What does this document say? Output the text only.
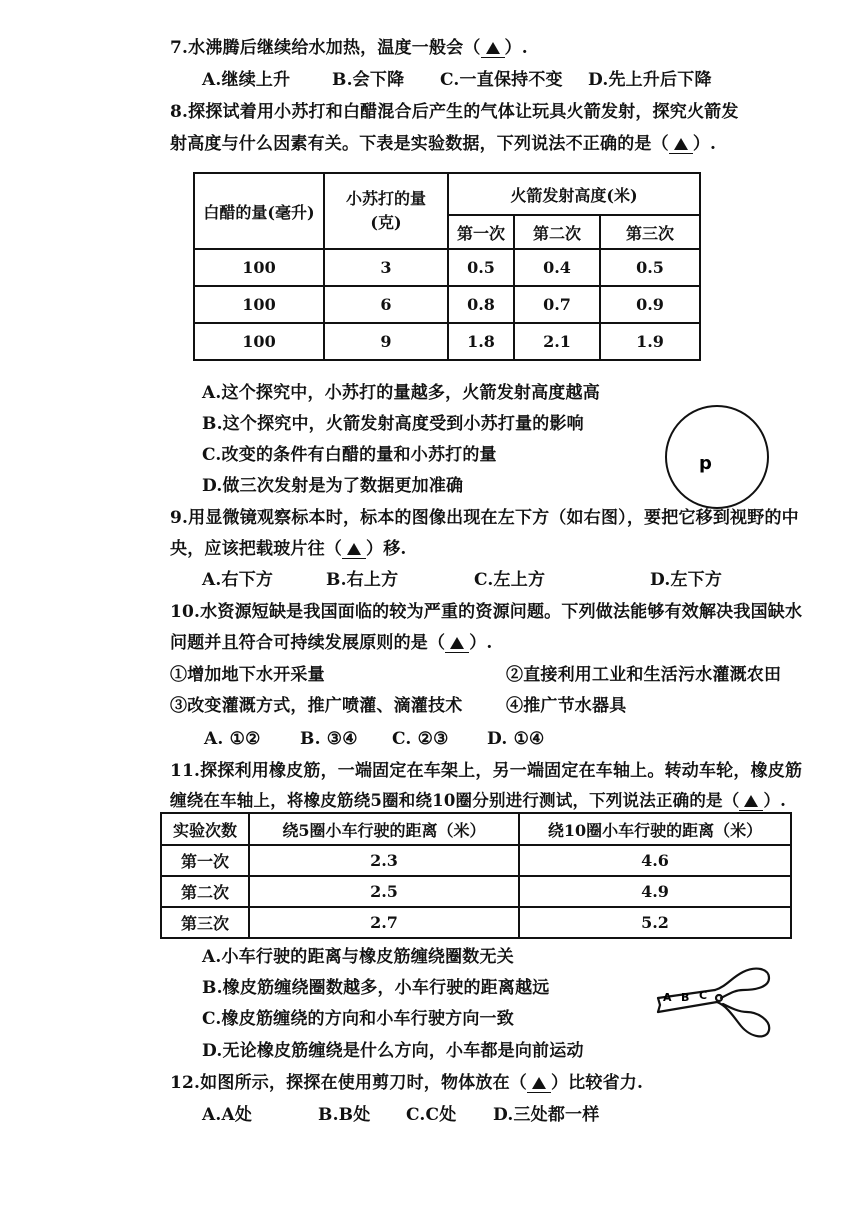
7.水沸腾后继续给水加热，温度一般会（ ）.
A.继续上升 B.会下降 C.一直保持不变 D.先上升后下降
8.探探试着用小苏打和白醋混合后产生的气体让玩具火箭发射，探究火箭发
射高度与什么因素有关。下表是实验数据，下列说法不正确的是（ ）.
白醋的量(毫升)	小苏打的量
(克)	火箭发射高度(米)		
		第一次	第二次	第三次
100	3	0.5	0.4	0.5
100	6	0.8	0.7	0.9
100	9	1.8	2.1	1.9
A.这个探究中，小苏打的量越多，火箭发射高度越高
B.这个探究中，火箭发射高度受到小苏打量的影响
C.改变的条件有白醋的量和小苏打的量
D.做三次发射是为了数据更加准确
p
9.用显微镜观察标本时，标本的图像出现在左下方（如右图），要把它移到视野的中
央，应该把载玻片往（ ）移.
A.右下方	B.右上方	C.左上方	D.左下方
10.水资源短缺是我国面临的较为严重的资源问题。下列做法能够有效解决我国缺水
问题并且符合可持续发展原则的是（ ）.
①增加地下水开采量	②直接利用工业和生活污水灌溉农田
③改变灌溉方式，推广喷灌、滴灌技术	④推广节水器具
A. ①② B. ③④ C. ②③ D. ①④
11.探探利用橡皮筋，一端固定在车架上，另一端固定在车轴上。转动车轮，橡皮筋
缠绕在车轴上，将橡皮筋绕5圈和绕10圈分别进行测试，下列说法正确的是（ ）.
实验次数	绕5圈小车行驶的距离（米）	绕10圈小车行驶的距离（米）
第一次	2.3	4.6
第二次	2.5	4.9
第三次	2.7	5.2
A.小车行驶的距离与橡皮筋缠绕圈数无关
B.橡皮筋缠绕圈数越多，小车行驶的距离越远
C.橡皮筋缠绕的方向和小车行驶方向一致
D.无论橡皮筋缠绕是什么方向，小车都是向前运动
A B C
12.如图所示，探探在使用剪刀时，物体放在（ ）比较省力.
A.A处	B.B处 C.C处 D.三处都一样
